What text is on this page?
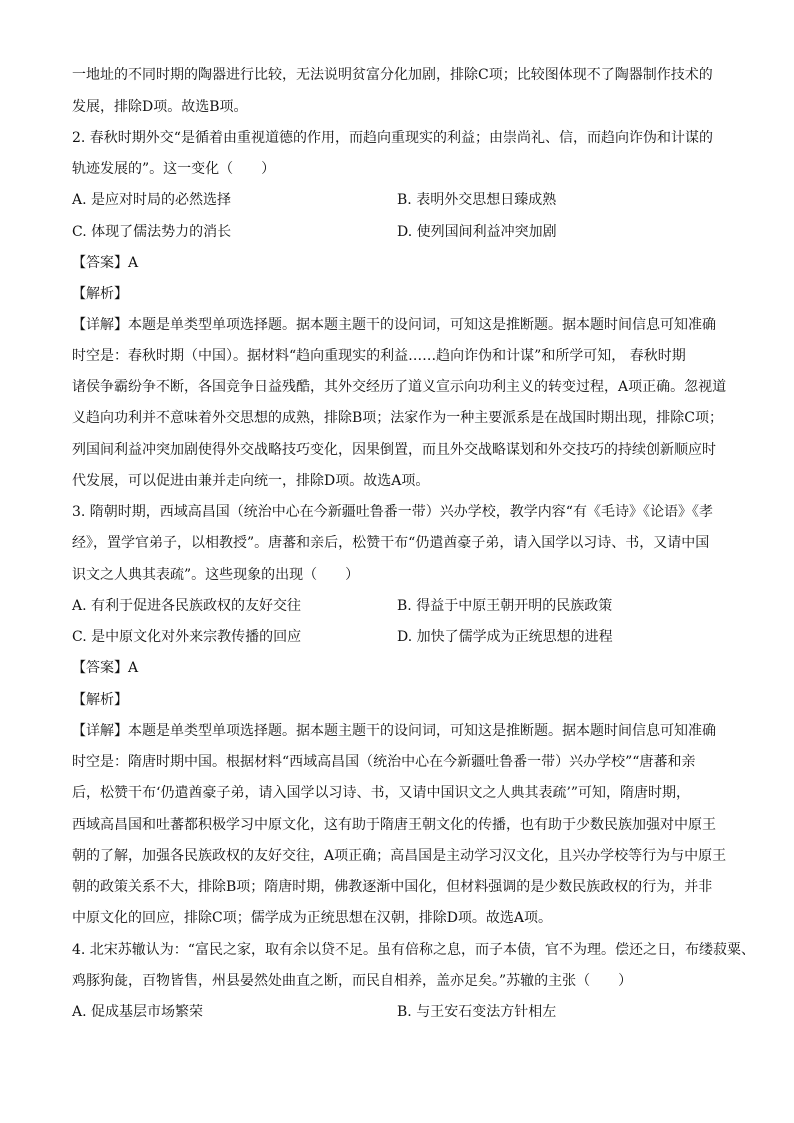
一地址的不同时期的陶器进行比较，无法说明贫富分化加剧，排除C项；比较图体现不了陶器制作技术的
发展，排除D项。故选B项。
2. 春秋时期外交“是循着由重视道德的作用，而趋向重现实的利益；由崇尚礼、信，而趋向诈伪和计谋的
轨迹发展的”。这一变化（　　）
A. 是应对时局的必然选择	B. 表明外交思想日臻成熟
C. 体现了儒法势力的消长	D. 使列国间利益冲突加剧
【答案】A
【解析】
【详解】本题是单类型单项选择题。据本题主题干的设问词，可知这是推断题。据本题时间信息可知准确
时空是：春秋时期（中国）。据材料“趋向重现实的利益……趋向诈伪和计谋”和所学可知， 春秋时期
诸侯争霸纷争不断，各国竞争日益残酷，其外交经历了道义宣示向功利主义的转变过程，A项正确。忽视道
义趋向功利并不意味着外交思想的成熟，排除B项；法家作为一种主要派系是在战国时期出现，排除C项；
列国间利益冲突加剧使得外交战略技巧变化，因果倒置，而且外交战略谋划和外交技巧的持续创新顺应时
代发展，可以促进由兼并走向统一，排除D项。故选A项。
3. 隋朝时期，西域高昌国（统治中心在今新疆吐鲁番一带）兴办学校，教学内容“有《毛诗》《论语》《孝
经》，置学官弟子，以相教授”。唐蕃和亲后，松赞干布“仍遣酋豪子弟，请入国学以习诗、书，又请中国
识文之人典其表疏”。这些现象的出现（　　）
A. 有利于促进各民族政权的友好交往	B. 得益于中原王朝开明的民族政策
C. 是中原文化对外来宗教传播的回应	D. 加快了儒学成为正统思想的进程
【答案】A
【解析】
【详解】本题是单类型单项选择题。据本题主题干的设问词，可知这是推断题。据本题时间信息可知准确
时空是：隋唐时期中国。根据材料“西域高昌国（统治中心在今新疆吐鲁番一带）兴办学校”“唐蕃和亲
后，松赞干布‘仍遣酋豪子弟，请入国学以习诗、书，又请中国识文之人典其表疏’”可知，隋唐时期，
西域高昌国和吐蕃都积极学习中原文化，这有助于隋唐王朝文化的传播，也有助于少数民族加强对中原王
朝的了解，加强各民族政权的友好交往，A项正确；高昌国是主动学习汉文化，且兴办学校等行为与中原王
朝的政策关系不大，排除B项；隋唐时期，佛教逐渐中国化，但材料强调的是少数民族政权的行为，并非
中原文化的回应，排除C项；儒学成为正统思想在汉朝，排除D项。故选A项。
4. 北宋苏辙认为：“富民之家，取有余以贷不足。虽有倍称之息，而子本债，官不为理。偿还之日，布缕菽粟、
鸡豚狗彘，百物皆售，州县晏然处曲直之断，而民自相养，盖亦足矣。”苏辙的主张（　　）
A. 促成基层市场繁荣	B. 与王安石变法方针相左
